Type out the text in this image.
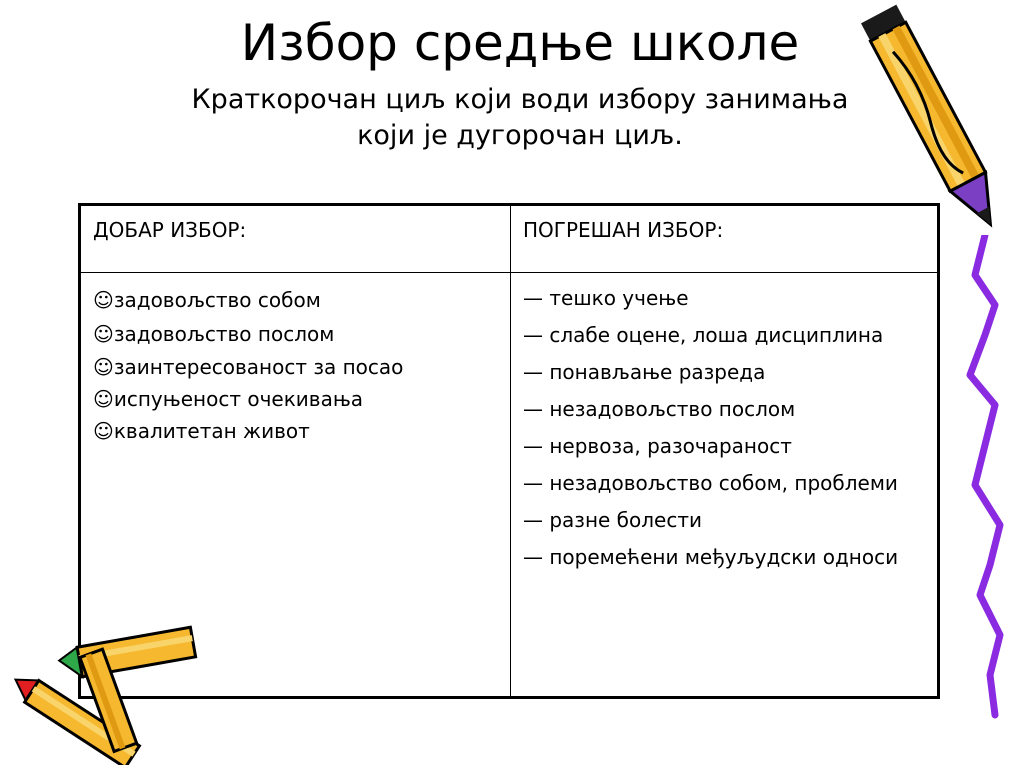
Избор средње школе
Краткорочан циљ који води избору занимања
који је дугорочан циљ.
ДОБАР ИЗБОР:	ПОГРЕШАН ИЗБОР:
☺задовољство собом
☺задовољство послом
☺заинтересованост за посао
☺испуњеност очекивања
☺квалитетан живот
— тешко учење
— слабе оцене, лоша дисциплина
— понављање разреда
— незадовољство послом
— нервоза, разочараност
— незадовољство собом, проблеми
— разне болести
— поремећени међуљудски односи
